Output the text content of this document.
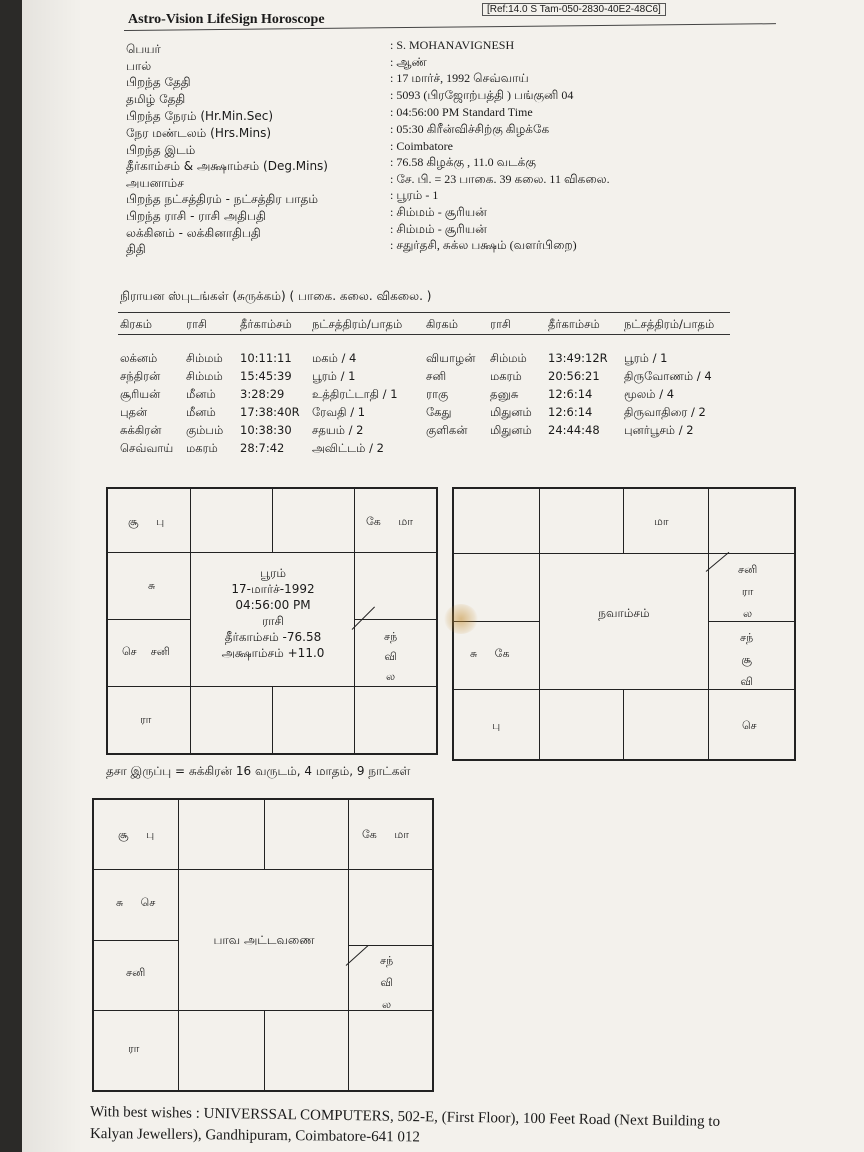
Astro-Vision LifeSign Horoscope
[Ref:14.0 S Tam-050-2830-40E2-48C6]
பெயர்	: S. MOHANAVIGNESH
பால்	: ஆண்
பிறந்த தேதி	: 17 மார்ச், 1992 செவ்வாய்
தமிழ் தேதி	: 5093 (பிரஜோற்பத்தி ) பங்குனி 04
பிறந்த நேரம் (Hr.Min.Sec)	: 04:56:00 PM Standard Time
நேர மண்டலம் (Hrs.Mins)	: 05:30 கிரீன்விச்சிற்கு கிழக்கே
பிறந்த இடம்	: Coimbatore
தீர்காம்சம் & அக்ஷாம்சம் (Deg.Mins)	: 76.58 கிழக்கு , 11.0 வடக்கு
அயனாம்ச	: சே. பி. = 23 பாகை. 39 கலை. 11 விகலை.
பிறந்த நட்சத்திரம் - நட்சத்திர பாதம்	: பூரம் - 1
பிறந்த ராசி - ராசி அதிபதி	: சிம்மம் - சூரியன்
லக்கினம் - லக்கினாதிபதி	: சிம்மம் - சூரியன்
திதி	: சதுர்தசி, சுக்ல பக்ஷம் (வளர்பிறை)
நிராயன ஸ்புடங்கள் (சுருக்கம்) ( பாகை. கலை. விகலை. )
கிரகம்	ராசி	தீர்காம்சம் நட்சத்திரம்/பாதம் கிரகம்	ராசி	தீர்காம்சம் நட்சத்திரம்/பாதம்
லக்னம் சிம்மம் 10:11:11 மகம் / 4	வியாழன் சிம்மம் 13:49:12R பூரம் / 1
சந்திரன் சிம்மம் 15:45:39 பூரம் / 1	சனி	மகரம் 20:56:21 திருவோணம் / 4
சூரியன் மீனம் 3:28:29 உத்திரட்டாதி / 1 ராகு	தனுசு	12:6:14	மூலம் / 4
புதன்	மீனம் 17:38:40R ரேவதி / 1	கேது	மிதுனம் 12:6:14	திருவாதிரை / 2
சுக்கிரன் கும்பம் 10:38:30 சதயம் / 2	குளிகன் மிதுனம் 24:44:48 புனர்பூசம் / 2
செவ்வாய் மகரம் 28:7:42 அவிட்டம் / 2
சூ பு	கே மா
சு
செ சனி
சந்
வி
ல
ரா
பூரம்
17-மார்ச்-1992
04:56:00 PM
ராசி
தீர்காம்சம் -76.58
அக்ஷாம்சம் +11.0
மா
சனி
ரா
ல
சந்
சூ
வி
சு கே
பு	செ
நவாம்சம்
தசா இருப்பு = சுக்கிரன் 16 வருடம், 4 மாதம், 9 நாட்கள்
சூ பு	கே மா
சு செ
சனி
சந்
வி
ல
ரா
பாவ அட்டவணை
With best wishes : UNIVERSSAL COMPUTERS, 502-E, (First Floor), 100 Feet Road (Next Building to
Kalyan Jewellers), Gandhipuram, Coimbatore-641 012
